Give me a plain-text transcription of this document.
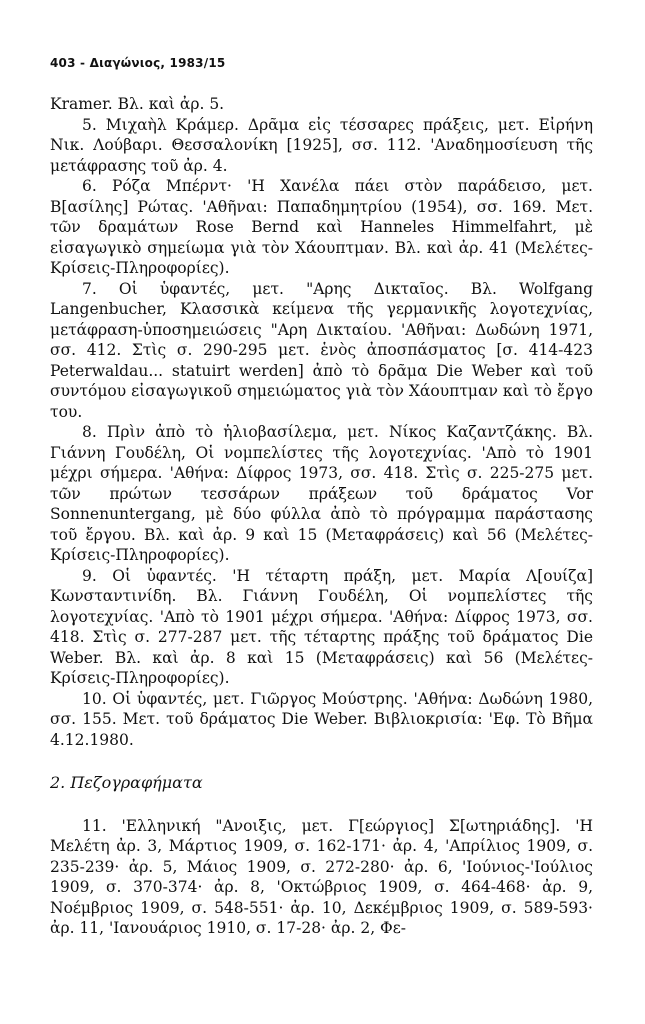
403 - Διαγώνιος, 1983/15

Kramer. Βλ. καὶ ἀρ. 5.

5. Μιχαὴλ Κράμερ. Δρᾶμα εἰς τέσσαρες πράξεις, μετ. Εἰρήνη Νικ. Λούβαρι. Θεσσαλονίκη [1925], σσ. 112. 'Αναδημοσίευση τῆς μετάφρασης τοῦ ἀρ. 4.

6. Ρόζα Μπέρντ· 'Η Χανέλα πάει στὸν παράδεισο, μετ. Β[ασίλης] Ρώτας. 'Αθῆναι: Παπαδημητρίου (1954), σσ. 169. Μετ. τῶν δραμάτων Rose Bernd καὶ Hanneles Himmelfahrt, μὲ εἰσαγωγικὸ σημείωμα γιὰ τὸν Χάουπτμαν. Βλ. καὶ ἀρ. 41 (Μελέτες-Κρίσεις-Πληροφορίες).

7. Οἱ ὑφαντές, μετ. "Αρης Δικταῖος. Βλ. Wolfgang Langenbucher, Κλασσικὰ κείμενα τῆς γερμανικῆς λογοτεχνίας, μετάφραση-ὑποσημειώσεις "Αρη Δικταίου. 'Αθῆναι: Δωδώνη 1971, σσ. 412. Στὶς σ. 290-295 μετ. ἑνὸς ἀποσπάσματος [σ. 414-423 Peterwaldau... statuirt werden] ἀπὸ τὸ δρᾶμα Die Weber καὶ τοῦ συντόμου εἰσαγωγικοῦ σημειώματος γιὰ τὸν Χάουπτμαν καὶ τὸ ἔργο του.

8. Πρὶν ἀπὸ τὸ ἡλιοβασίλεμα, μετ. Νίκος Καζαντζάκης. Βλ. Γιάννη Γουδέλη, Οἱ νομπελίστες τῆς λογοτεχνίας. 'Απὸ τὸ 1901 μέχρι σήμερα. 'Αθήνα: Δίφρος 1973, σσ. 418. Στὶς σ. 225-275 μετ. τῶν πρώτων τεσσάρων πράξεων τοῦ δράματος Vor Sonnenuntergang, μὲ δύο φύλλα ἀπὸ τὸ πρόγραμμα παράστασης τοῦ ἔργου. Βλ. καὶ ἀρ. 9 καὶ 15 (Μεταφράσεις) καὶ 56 (Μελέτες-Κρίσεις-Πληροφορίες).

9. Οἱ ὑφαντές. 'Η τέταρτη πράξη, μετ. Μαρία Λ[ουίζα] Κωνσταντινίδη. Βλ. Γιάννη Γουδέλη, Οἱ νομπελίστες τῆς λογοτεχνίας. 'Απὸ τὸ 1901 μέχρι σήμερα. 'Αθήνα: Δίφρος 1973, σσ. 418. Στὶς σ. 277-287 μετ. τῆς τέταρτης πράξης τοῦ δράματος Die Weber. Βλ. καὶ ἀρ. 8 καὶ 15 (Μεταφράσεις) καὶ 56 (Μελέτες-Κρίσεις-Πληροφορίες).

10. Οἱ ὑφαντές, μετ. Γιῶργος Μούστρης. 'Αθήνα: Δωδώνη 1980, σσ. 155. Μετ. τοῦ δράματος Die Weber. Βιβλιοκρισία: 'Εφ. Τὸ Βῆμα 4.12.1980.

2. Πεζογραφήματα

11. 'Ελληνική "Ανοιξις, μετ. Γ[εώργιος] Σ[ωτηριάδης]. 'Η Μελέτη ἀρ. 3, Μάρτιος 1909, σ. 162-171· ἀρ. 4, 'Απρίλιος 1909, σ. 235-239· ἀρ. 5, Μάιος 1909, σ. 272-280· ἀρ. 6, 'Ιούνιος-'Ιούλιος 1909, σ. 370-374· ἀρ. 8, 'Οκτώβριος 1909, σ. 464-468· ἀρ. 9, Νοέμβριος 1909, σ. 548-551· ἀρ. 10, Δεκέμβριος 1909, σ. 589-593· ἀρ. 11, 'Ιανουάριος 1910, σ. 17-28· ἀρ. 2, Φε-
